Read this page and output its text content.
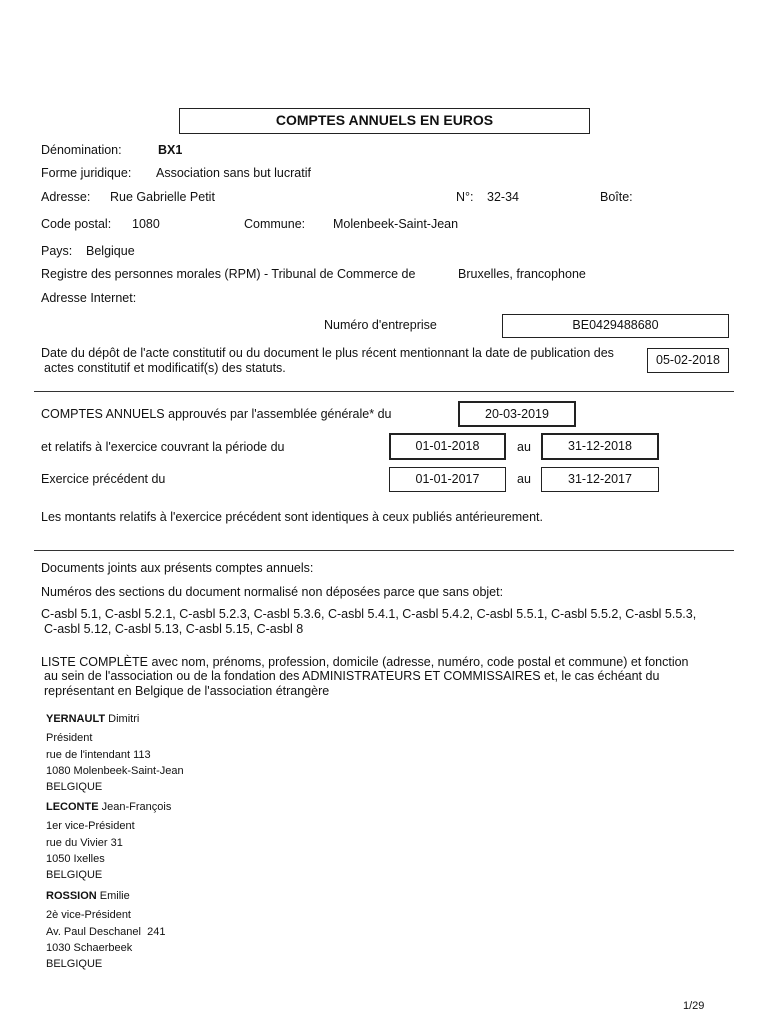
COMPTES ANNUELS EN EUROS
Dénomination:	BX1
Forme juridique: Association sans but lucratif
Adresse: Rue Gabrielle Petit	N°: 32-34	Boîte:
Code postal: 1080	Commune: Molenbeek-Saint-Jean
Pays: Belgique
Registre des personnes morales (RPM) - Tribunal de Commerce de	Bruxelles, francophone
Adresse Internet:
Numéro d'entreprise	BE0429488680
Date du dépôt de l'acte constitutif ou du document le plus récent mentionnant la date de publication des
actes constitutif et modificatif(s) des statuts.
05-02-2018
COMPTES ANNUELS approuvés par l'assemblée générale* du	20-03-2019
et relatifs à l'exercice couvrant la période du	01-01-2018	au	31-12-2018
Exercice précédent du	01-01-2017	au	31-12-2017
Les montants relatifs à l'exercice précédent sont identiques à ceux publiés antérieurement.
Documents joints aux présents comptes annuels:
Numéros des sections du document normalisé non déposées parce que sans objet:
C-asbl 5.1, C-asbl 5.2.1, C-asbl 5.2.3, C-asbl 5.3.6, C-asbl 5.4.1, C-asbl 5.4.2, C-asbl 5.5.1, C-asbl 5.5.2, C-asbl 5.5.3,
C-asbl 5.12, C-asbl 5.13, C-asbl 5.15, C-asbl 8
LISTE COMPLÈTE avec nom, prénoms, profession, domicile (adresse, numéro, code postal et commune) et fonction
au sein de l'association ou de la fondation des ADMINISTRATEURS ET COMMISSAIRES et, le cas échéant du
représentant en Belgique de l'association étrangère
YERNAULT Dimitri
Président
rue de l'intendant 113
1080 Molenbeek-Saint-Jean
BELGIQUE
LECONTE Jean-François
1er vice-Président
rue du Vivier 31
1050 Ixelles
BELGIQUE
ROSSION Emilie
2è vice-Président
Av. Paul Deschanel  241
1030 Schaerbeek
BELGIQUE
1/29
